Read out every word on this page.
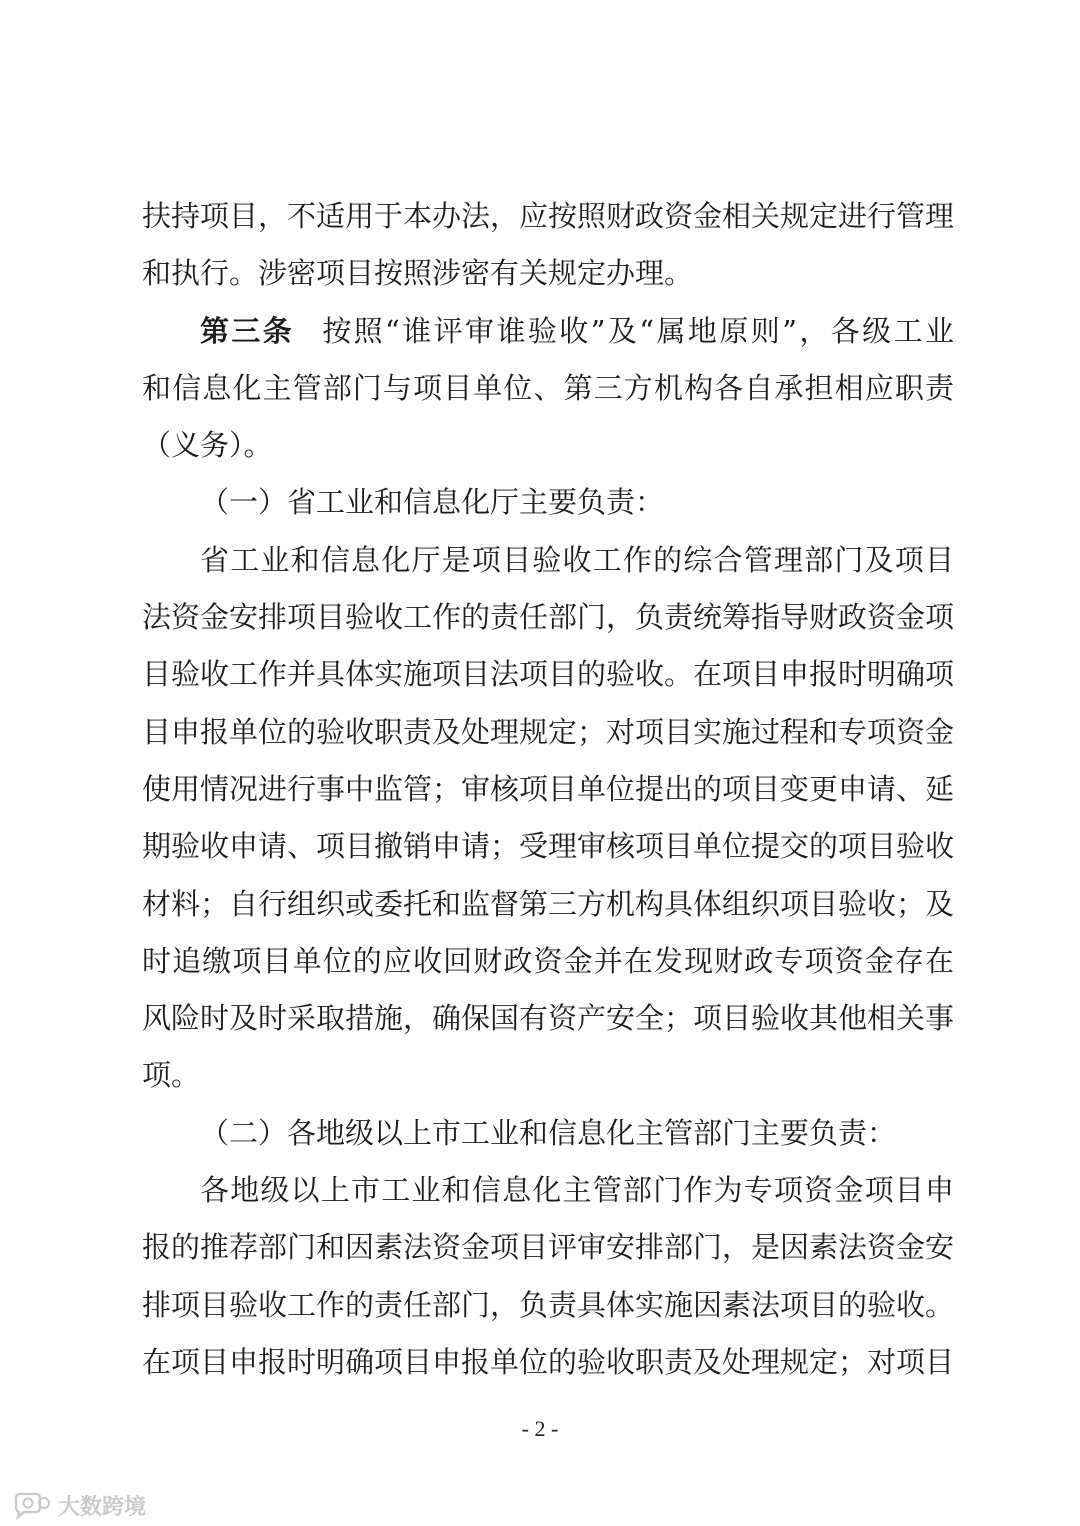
扶持项目，不适用于本办法，应按照财政资金相关规定进行管理
和执行。涉密项目按照涉密有关规定办理。
第三条 按照“谁评审谁验收”及“属地原则”，各级工业
和信息化主管部门与项目单位、第三方机构各自承担相应职责
（义务）。
（一）省工业和信息化厅主要负责：
省工业和信息化厅是项目验收工作的综合管理部门及项目
法资金安排项目验收工作的责任部门，负责统筹指导财政资金项
目验收工作并具体实施项目法项目的验收。在项目申报时明确项
目申报单位的验收职责及处理规定；对项目实施过程和专项资金
使用情况进行事中监管；审核项目单位提出的项目变更申请、延
期验收申请、项目撤销申请；受理审核项目单位提交的项目验收
材料；自行组织或委托和监督第三方机构具体组织项目验收；及
时追缴项目单位的应收回财政资金并在发现财政专项资金存在
风险时及时采取措施，确保国有资产安全；项目验收其他相关事
项。
（二）各地级以上市工业和信息化主管部门主要负责：
各地级以上市工业和信息化主管部门作为专项资金项目申
报的推荐部门和因素法资金项目评审安排部门，是因素法资金安
排项目验收工作的责任部门，负责具体实施因素法项目的验收。
在项目申报时明确项目申报单位的验收职责及处理规定；对项目
- 2 -
大数跨境
